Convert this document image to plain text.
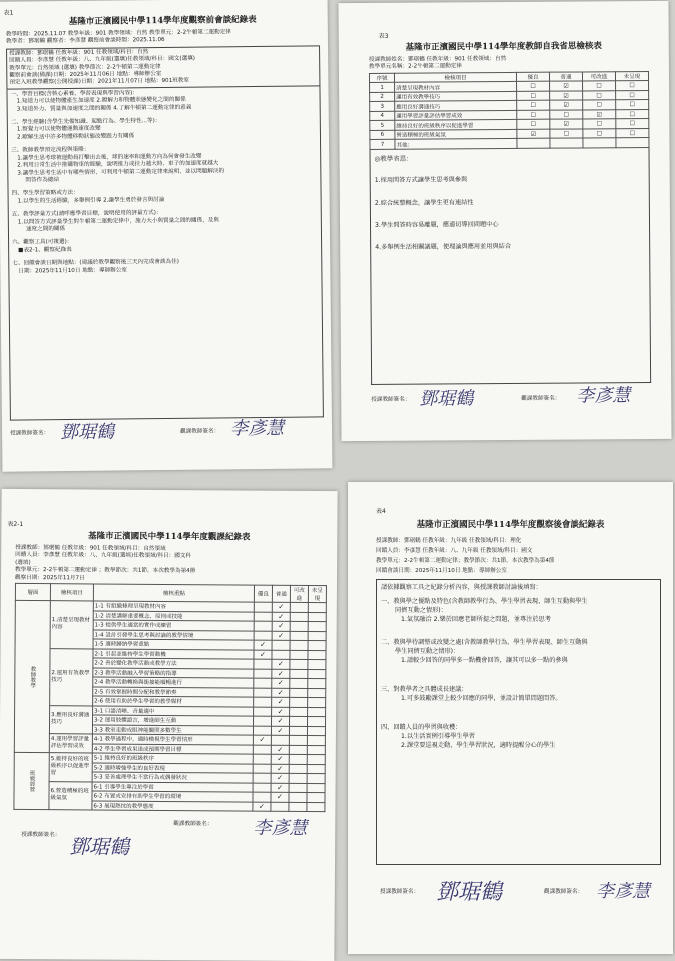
表1
基隆市正濱國民中學114學年度觀察前會談紀錄表
教學時間：2025.11.07 教學年級：901 教學領域：自然 教學單元：2-2牛頓第二運動定律
教學者：鄧琚鶴 觀察者：李彥慧 觀察前會談時間：2025.11.06
授課教師：鄧琚鶴 任教年級：901 任教領域/科目：自然
回饋人員：李彥慧 任教年級：八、九年級(選填)任教領域/科目：國文(選填)
教學單元：自然領域 (選填) 教學節次：2-2牛頓第二運動定律
觀察前會談(備課)日期：2025年11月06日 地點：導師辦公室
預定入班教學觀察(公開授課)日期：2021年11月07日 地點：901班教室
一、學習目標(含核心素養、學習表現與學習內容)：
1.知道力可以使物體產生加速度 2.瞭解力和物體狀態變化之間的關係
3.知道外力、質量與加速度之間的關係 4.了解牛頓第二運動定律的意義
二、學生經驗(含學生先備知識、起點行為、學生特性...等)：
1.察覺力可以使物體運動速度改變
2.瞭解生活中許多物體移動狀態改變跟力有關係
三、教師教學預定流程與策略：
1.讓學生思考球被運動員打擊出去後，球的速率和運動方向為何會發生改變
2.利用日常生活中推購物車的經驗，說明推力或拉力越大時，車子的加速度就越大
3.讓學生思考生活中有哪些情形，可利用牛頓第二運動定律來說明，並以問題解決的
問答作為總結
四、學生學習策略或方法：
1.以學生的生活經驗，多舉例引導 2.讓學生勇於發言與討論
五、教學評量方式(請呼應學習目標，說明使用的評量方式)：
1.以問答方式評量學生對牛頓第二運動定律中，施力大小與質量之間的關係，及與
速度之間的關係
六、觀察工具(可複選)：
■表2-1、觀察紀錄表
七、回饋會談日期與地點：(建議於教學觀察後三天內完成會談為佳)
日期：2025年11月10日 地點：導師辦公室
授課教師簽名： 鄧琚鶴	觀課教師簽名： 李彥慧
表3
基隆市正濱國民中學114學年度教師自我省思檢核表
授課教師姓名：鄧琚鶴 任教年級：901 任教領域：自然
教學單元名稱：2-2牛頓第二運動定律
序號	檢核項目	優良	普通	可改進	未呈現
1	清楚呈現教材內容	☐	☑	☐	☐
2	運用有效教學技巧	☐	☑	☐	☐
3	應用良好溝通技巧	☐	☑	☐	☐
4	運用學習評量評估學習成效	☐	☐	☑	☐
5	維持良好的班級秩序以促進學習	☐	☑	☐	☐
6	營造積極的班級氣氛	☑	☐	☐	☐
7	其他：				
◎教學省思：
1.採用問答方式讓學生思考與參與
2.綜合統整概念，讓學生更有連結性
3.學生問答時容易離題，應適切導回問題中心
4.多舉例生活相關議題，使理論與應用並用與結合
授課教師簽名： 鄧琚鶴	觀課教師簽名： 李彥慧
表2-1
基隆市正濱國民中學114學年度觀課紀錄表
授課教師：鄧琚鶴 任教年級：901 任教領域/科目：自然領域
回饋人員：李彥慧 任教年級：八、九年級(選填)任教領域/科目：國文科
(選填)
教學單元：2-2牛頓第二運動定律 ；教學節次：共1節，本次教學為第4節
觀察日期：2025年11月7日
層面	檢核項目	檢核重點	優良	普通	可改進	未呈現
教師教學	1.清楚呈現教材內容	1-1 有組織條理呈現教材內容		✓		
		1-2 清楚講解重要概念、原則或技能		✓		
		1-3 提供學生適當的實作或練習		✓		
		1-4 設計引發學生思考與討論的教學情境		✓		
		1-5 適時歸納學習重點	✓			
	2.運用有效教學技巧	2-1 引起並維持學生學習動機	✓			
		2-2 善於變化教學活動或教學方法		✓		
		2-3 教學活動融入學習策略的指導		✓		
		2-4 教學活動轉換與銜接能順暢進行		✓		
		2-5 有效掌握時間分配和教學節奏		✓		
		2-6 使用有助於學生學習的教學媒材		✓		
	3.應用良好溝通技巧	3-1 口語清晰、音量適中		✓		
		3-2 運用肢體語言，增進師生互動		✓		
		3-3 教室走動或眼神能關照多數學生		✓		
	4.運用學習評量評估學習成效	4-1 教學過程中，適時檢視學生學習情形	✓			
		4-2 學生學習成果達成預期學習目標		✓		
班級經營	5.維持良好的班級秩序以促進學習	5-1 維持良好的班級秩序		✓		
		5-2 適時增強學生的良好表現		✓		
		5-3 妥善處理學生不當行為或偶發狀況		✓		
	6.營造積極的班級氣氛	6-1 引導學生專注於學習		✓		
		6-2 布置或安排有助學生學習的環境		✓		
		6-3 展現熱忱的教學態度	✓			
授課教師簽名： 鄧琚鶴
觀課教師簽名： 李彥慧
表4
基隆市正濱國民中學114學年度觀察後會談紀錄表
授課教師：鄧琚鶴 任教年級：九年級 任教領域/科目：理化
回饋人員：李彥慧 任教年級：八、九年級 任教領域/科目：國文
教學單元：2-2牛頓第二運動定律；教學節次：共1節，本次教學為第4節
回饋會談日期：2025年11月10日 地點：導師辦公室
請依據觀察工具之紀錄分析內容，與授課教師討論後填寫：
一、教與學之優點及特色(含教師教學行為、學生學習表現、師生互動與學生
同儕互動之情形)：
1.氣氛融洽 2.樂於回應老師所提之問題，並專注於思考
二、教與學待調整或改變之處(含教師教學行為、學生學習表現、師生互動與
學生同儕互動之情形)：
1.請較少回答的同學多一點機會回答，讓其可以多一點的參與
三、對教學者之具體成長建議：
1.可多鼓勵課堂上較少回應的同學，並設計簡單問題問答。
四、回饋人員的學習與收穫：
1.以生活實例引導學生學習
2.課堂要巡視走動，學生學習狀況，適時提醒分心的學生
授課教師簽名： 鄧琚鶴	觀課教師簽名： 李彥慧
